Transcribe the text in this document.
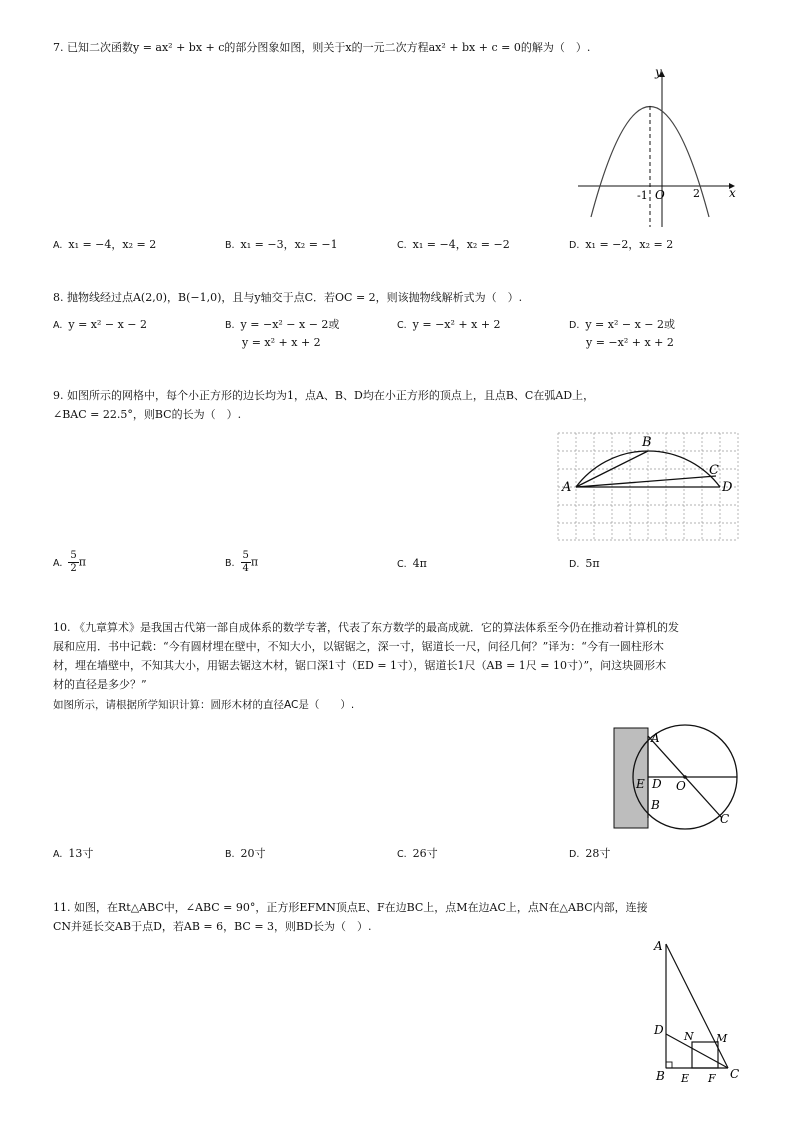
7. 已知二次函数y = ax² + bx + c的部分图象如图，则关于x的一元二次方程ax² + bx + c = 0的解为（　）.
y
x
O
-1	2
A. x₁ = −4，x₂ = 2	B. x₁ = −3，x₂ = −1	C. x₁ = −4，x₂ = −2	D. x₁ = −2，x₂ = 2
8. 抛物线经过点A(2,0)，B(−1,0)，且与y轴交于点C．若OC = 2，则该抛物线解析式为（　）.
A. y = x² − x − 2	B. y = −x² − x − 2或
y = x² + x + 2
C. y = −x² + x + 2	D. y = x² − x − 2或
y = −x² + x + 2
9. 如图所示的网格中，每个小正方形的边长均为1，点A、B、D均在小正方形的顶点上，且点B、C在弧AD上，
∠BAC = 22.5°，则BC的长为（　）.
A
B
C
D
A. $\frac{5}{2}$ π	B. $\frac{5}{4}$ π	C. 4π	D. 5π
10. 《九章算术》是我国古代第一部自成体系的数学专著，代表了东方数学的最高成就．它的算法体系至今仍在推动着计算机的发
展和应用．书中记载：“今有圆材埋在壁中，不知大小，以锯锯之，深一寸，锯道长一尺，问径几何？”译为：“今有一圆柱形木
材，埋在墙壁中，不知其大小，用锯去锯这木材，锯口深1寸（ED = 1寸），锯道长1尺（AB = 1尺 = 10寸）”，问这块圆形木
材的直径是多少？”
如图所示，请根据所学知识计算：圆形木材的直径AC是（　　）.
A
E D O
B
C
A. 13寸	B. 20寸	C. 26寸	D. 28寸
11. 如图，在Rt△ABC中，∠ABC = 90°，正方形EFMN顶点E、F在边BC上，点M在边AC上，点N在△ABC内部，连接
CN并延长交AB于点D，若AB = 6，BC = 3，则BD长为（　）.
A
D N M
B E F C
